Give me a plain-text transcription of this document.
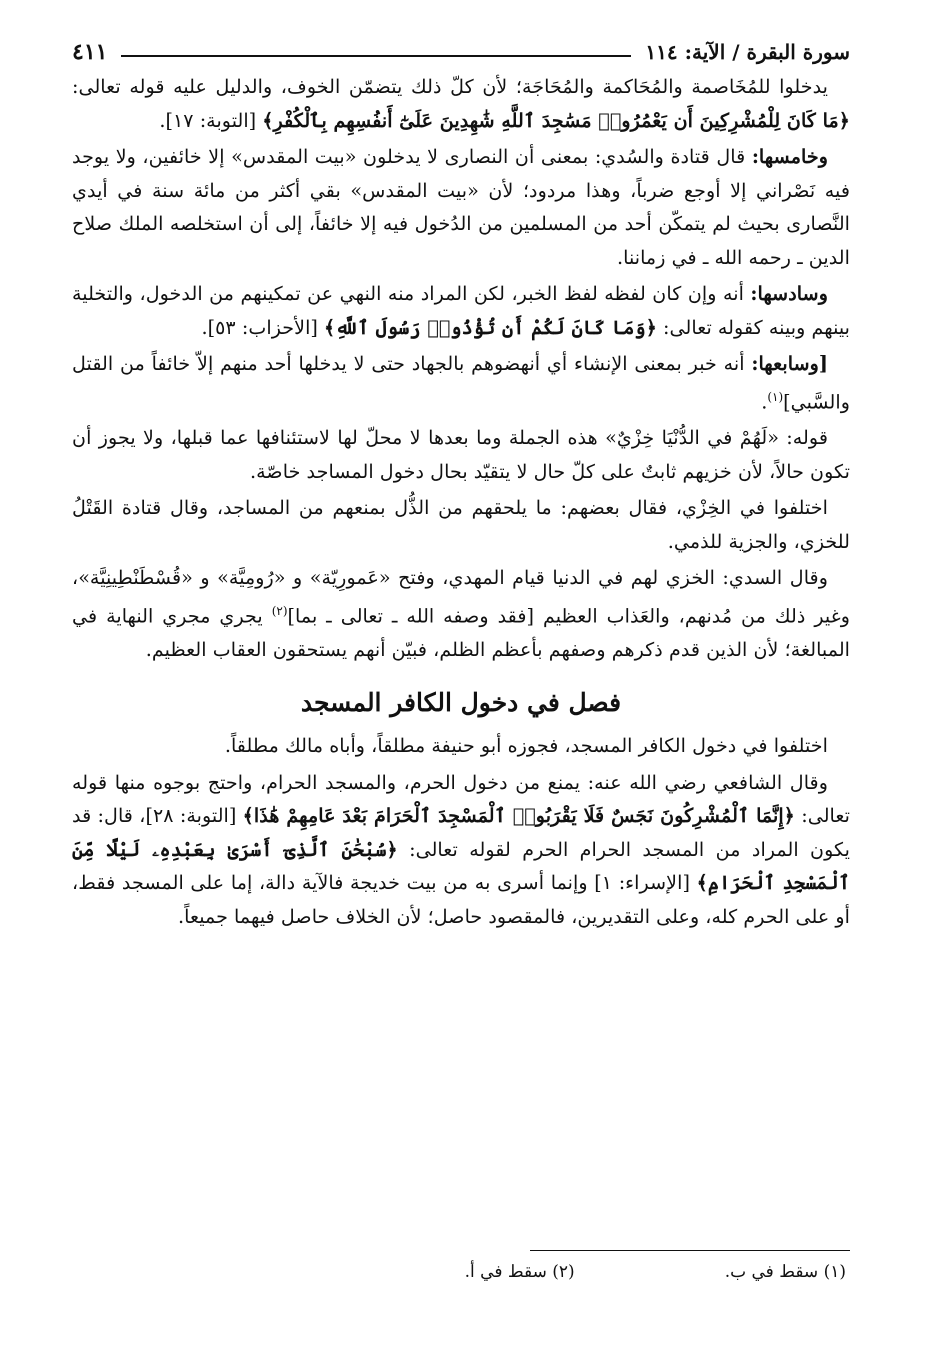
سورة البقرة / الآية: ١١٤
٤١١

يدخلوا للمُخَاصمة والمُحَاكمة والمُحَاجَة؛ لأن كلّ ذلك يتضمّن الخوف، والدليل عليه قوله تعالى: ﴿مَا كَانَ لِلْمُشْرِكِينَ أَن يَعْمُرُوا۟ مَسَٰجِدَ ٱللَّهِ شَٰهِدِينَ عَلَىٰٓ أَنفُسِهِم بِٱلْكُفْرِ﴾ [التوبة: ١٧].

وخامسها: قال قتادة والسُدي: بمعنى أن النصارى لا يدخلون «بيت المقدس» إلا خائفين، ولا يوجد فيه نَصْراني إلا أوجع ضرباً، وهذا مردود؛ لأن «بيت المقدس» بقي أكثر من مائة سنة في أيدي النَّصارى بحيث لم يتمكّن أحد من المسلمين من الدُخول فيه إلا خائفاً، إلى أن استخلصه الملك صلاح الدين ـ رحمه الله ـ في زماننا.

وسادسها: أنه وإن كان لفظه لفظ الخبر، لكن المراد منه النهي عن تمكينهم من الدخول، والتخلية بينهم وبينه كقوله تعالى: ﴿وَمَا كَانَ لَكُمْ أَن تُؤْذُوا۟ رَسُولَ ٱللَّهِ﴾ [الأحزاب: ٥٣].

[وسابعها: أنه خبر بمعنى الإنشاء أي أنهضوهم بالجهاد حتى لا يدخلها أحد منهم إلاّ خائفاً من القتل والسَّبي]$^{(١)}$.

قوله: «لَهُمْ في الدُّنْيَا خِزْيٌ» هذه الجملة وما بعدها لا محلّ لها لاستئنافها عما قبلها، ولا يجوز أن تكون حالاً، لأن خزيهم ثابتٌ على كلّ حال لا يتقيّد بحال دخول المساجد خاصّة.

اختلفوا في الخِزْي، فقال بعضهم: ما يلحقهم من الذُّل بمنعهم من المساجد، وقال قتادة القَتْلُ للخزي، والجزية للذمي.

وقال السدي: الخزي لهم في الدنيا قيام المهدي، وفتح «عَمورِيّة» و «رُومِيَّة» و «قُسْطَنْطِينِيَّة»، وغير ذلك من مُدنهم، والعَذاب العظيم [فقد وصفه الله ـ تعالى ـ بما]$^{(٢)}$ يجري مجري النهاية في المبالغة؛ لأن الذين قدم ذكرهم وصفهم بأعظم الظلم، فبيّن أنهم يستحقون العقاب العظيم.

فصل في دخول الكافر المسجد

اختلفوا في دخول الكافر المسجد، فجوزه أبو حنيفة مطلقاً، وأباه مالك مطلقاً.

وقال الشافعي رضي الله عنه: يمنع من دخول الحرم، والمسجد الحرام، واحتج بوجوه منها قوله تعالى: ﴿إِنَّمَا ٱلْمُشْرِكُونَ نَجَسٌ فَلَا يَقْرَبُوا۟ ٱلْمَسْجِدَ ٱلْحَرَامَ بَعْدَ عَامِهِمْ هَٰذَا﴾ [التوبة: ٢٨]، قال: قد يكون المراد من المسجد الحرام الحرم لقوله تعالى: ﴿سُبْحَٰنَ ٱلَّذِىٓ أَسْرَىٰ بِعَبْدِهِۦ لَيْلًا مِّنَ ٱلْمَسْجِدِ ٱلْحَرَامِ﴾ [الإسراء: ١] وإنما أسرى به من بيت خديجة فالآية دالة، إما على المسجد فقط، أو على الحرم كله، وعلى التقديرين، فالمقصود حاصل؛ لأن الخلاف حاصل فيهما جميعاً.

(١) سقط في ب.
(٢) سقط في أ.
